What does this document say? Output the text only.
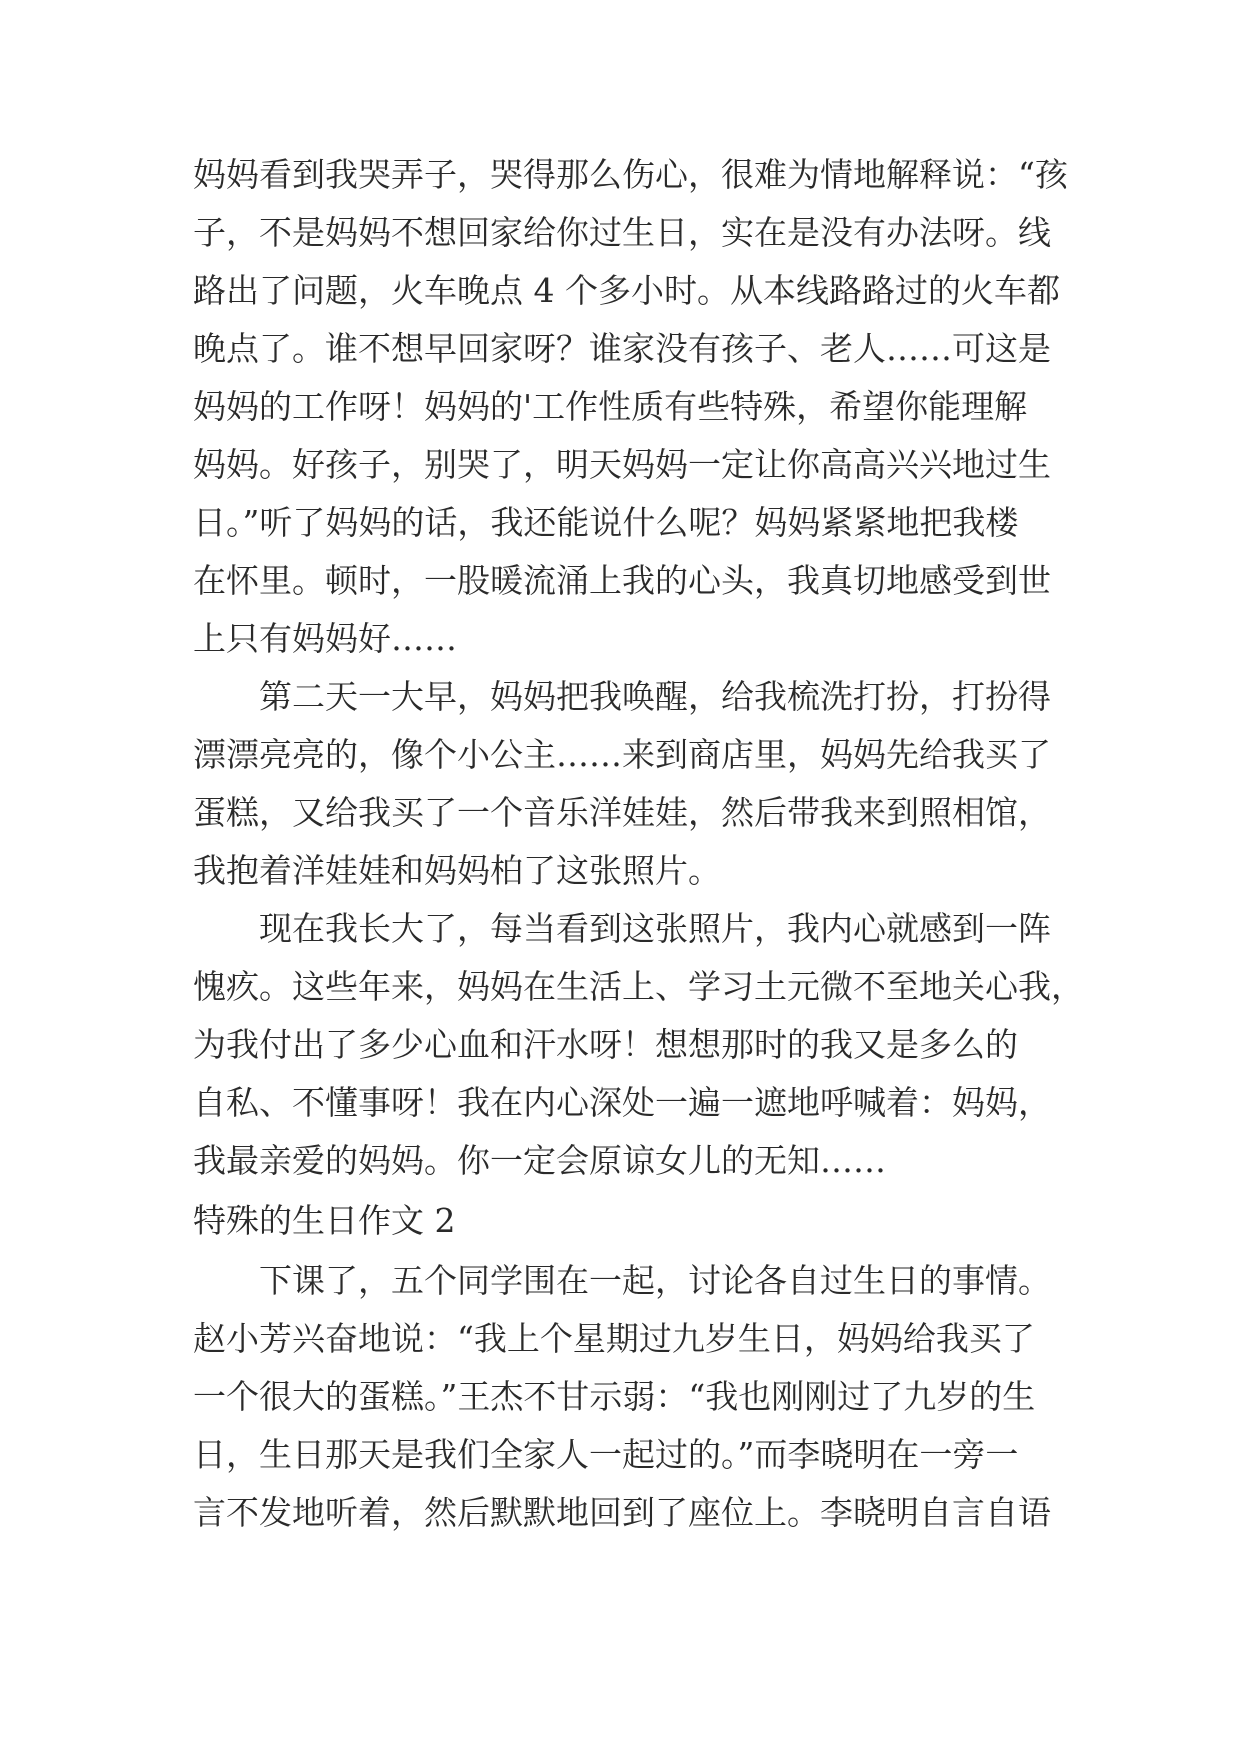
妈妈看到我哭弄子，哭得那么伤心，很难为情地解释说：“孩
子，不是妈妈不想回家给你过生日，实在是没有办法呀。线
路出了问题，火车晚点 4 个多小时。从本线路路过的火车都
晚点了。谁不想早回家呀？谁家没有孩子、老人……可这是
妈妈的工作呀！妈妈的'工作性质有些特殊，希望你能理解
妈妈。好孩子，别哭了，明天妈妈一定让你高高兴兴地过生
日。”听了妈妈的话，我还能说什么呢？妈妈紧紧地把我楼
在怀里。顿时，一股暖流涌上我的心头，我真切地感受到世
上只有妈妈好……
第二天一大早，妈妈把我唤醒，给我梳洗打扮，打扮得
漂漂亮亮的，像个小公主……来到商店里，妈妈先给我买了
蛋糕，又给我买了一个音乐洋娃娃，然后带我来到照相馆，
我抱着洋娃娃和妈妈柏了这张照片。
现在我长大了，每当看到这张照片，我内心就感到一阵
愧疚。这些年来，妈妈在生活上、学习土元微不至地关心我，
为我付出了多少心血和汗水呀！想想那时的我又是多么的
自私、不懂事呀！我在内心深处一遍一遮地呼喊着：妈妈，
我最亲爱的妈妈。你一定会原谅女儿的无知……
特殊的生日作文 2
下课了，五个同学围在一起，讨论各自过生日的事情。
赵小芳兴奋地说：“我上个星期过九岁生日，妈妈给我买了
一个很大的蛋糕。”王杰不甘示弱：“我也刚刚过了九岁的生
日，生日那天是我们全家人一起过的。”而李晓明在一旁一
言不发地听着，然后默默地回到了座位上。李晓明自言自语
